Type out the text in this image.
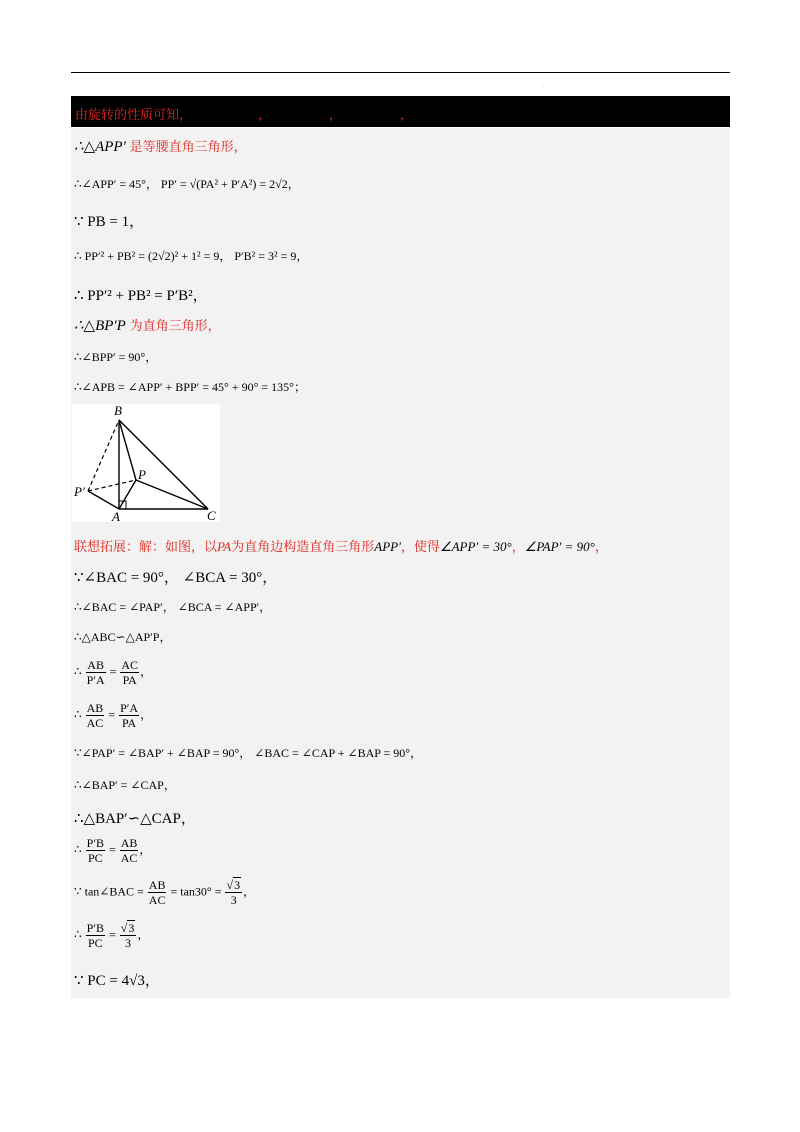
·
由旋转的性质可知，                ，              ，              ，
∴△APP′ 是等腰直角三角形，
∴∠APP′ = 45°， PP′ = √(PA² + P′A²) = 2√2，
∵ PB = 1，
∴ PP′² + PB² = (2√2)² + 1² = 9， P′B² = 3² = 9，
∴ PP′² + PB² = P′B²，
∴△BP′P 为直角三角形，
∴∠BPP′ = 90°，
∴∠APB = ∠APP′ + BPP′ = 45° + 90° = 135°；
B
P
P′
A	C
联想拓展：解：如图，以PA为直角边构造直角三角形APP′，使得∠APP′ = 30°，∠PAP′ = 90°，
∵∠BAC = 90°， ∠BCA = 30°，
∴∠BAC = ∠PAP′， ∠BCA = ∠APP′，
∴△ABC∽△AP′P，
∴ $\frac{AB}{P'A} = \frac{AC}{PA}$ ，
∴ $\frac{AB}{AC} = \frac{P'A}{PA}$ ，
∵∠PAP′ = ∠BAP′ + ∠BAP = 90°， ∠BAC = ∠CAP + ∠BAP = 90°，
∴∠BAP′ = ∠CAP，
∴△BAP′∽△CAP，
∴ $\frac{P'B}{PC} = \frac{AB}{AC}$ ，
∵ tan∠BAC = $\frac{AB}{AC} = \tan 30^\circ = \frac{√3}{3}$ ，
∴ $\frac{P'B}{PC} = \frac{√3}{3}$ ，
∵ PC = 4√3，
